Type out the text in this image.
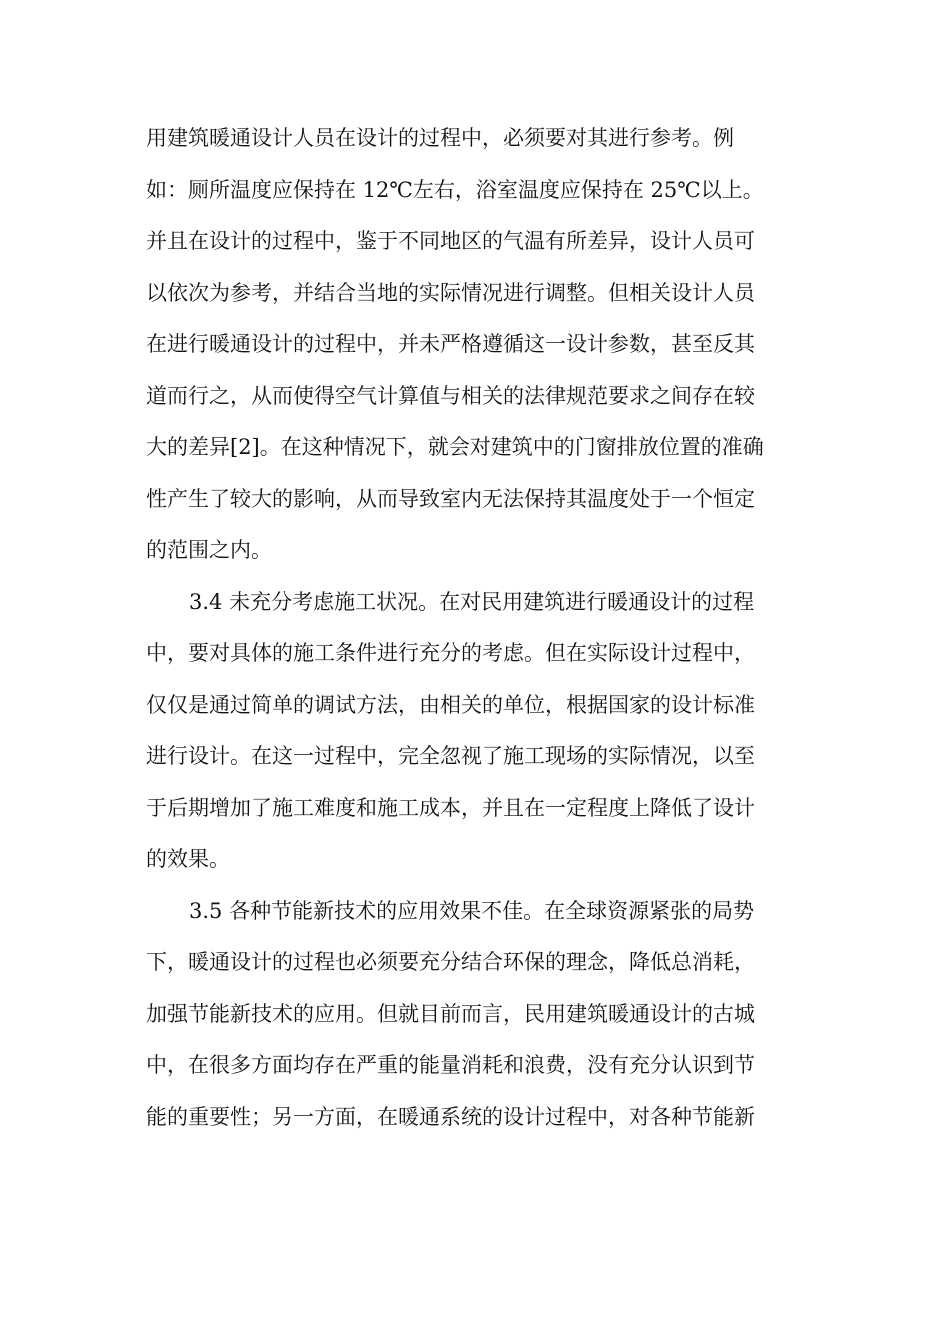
用建筑暖通设计人员在设计的过程中，必须要对其进行参考。例
如：厕所温度应保持在 12℃左右，浴室温度应保持在 25℃以上。
并且在设计的过程中，鉴于不同地区的气温有所差异，设计人员可
以依次为参考，并结合当地的实际情况进行调整。但相关设计人员
在进行暖通设计的过程中，并未严格遵循这一设计参数，甚至反其
道而行之，从而使得空气计算值与相关的法律规范要求之间存在较
大的差异[2]。在这种情况下，就会对建筑中的门窗排放位置的准确
性产生了较大的影响，从而导致室内无法保持其温度处于一个恒定
的范围之内。
3.4 未充分考虑施工状况。在对民用建筑进行暖通设计的过程
中，要对具体的施工条件进行充分的考虑。但在实际设计过程中，
仅仅是通过简单的调试方法，由相关的单位，根据国家的设计标准
进行设计。在这一过程中，完全忽视了施工现场的实际情况，以至
于后期增加了施工难度和施工成本，并且在一定程度上降低了设计
的效果。
3.5 各种节能新技术的应用效果不佳。在全球资源紧张的局势
下，暖通设计的过程也必须要充分结合环保的理念，降低总消耗，
加强节能新技术的应用。但就目前而言，民用建筑暖通设计的古城
中，在很多方面均存在严重的能量消耗和浪费，没有充分认识到节
能的重要性；另一方面，在暖通系统的设计过程中，对各种节能新
